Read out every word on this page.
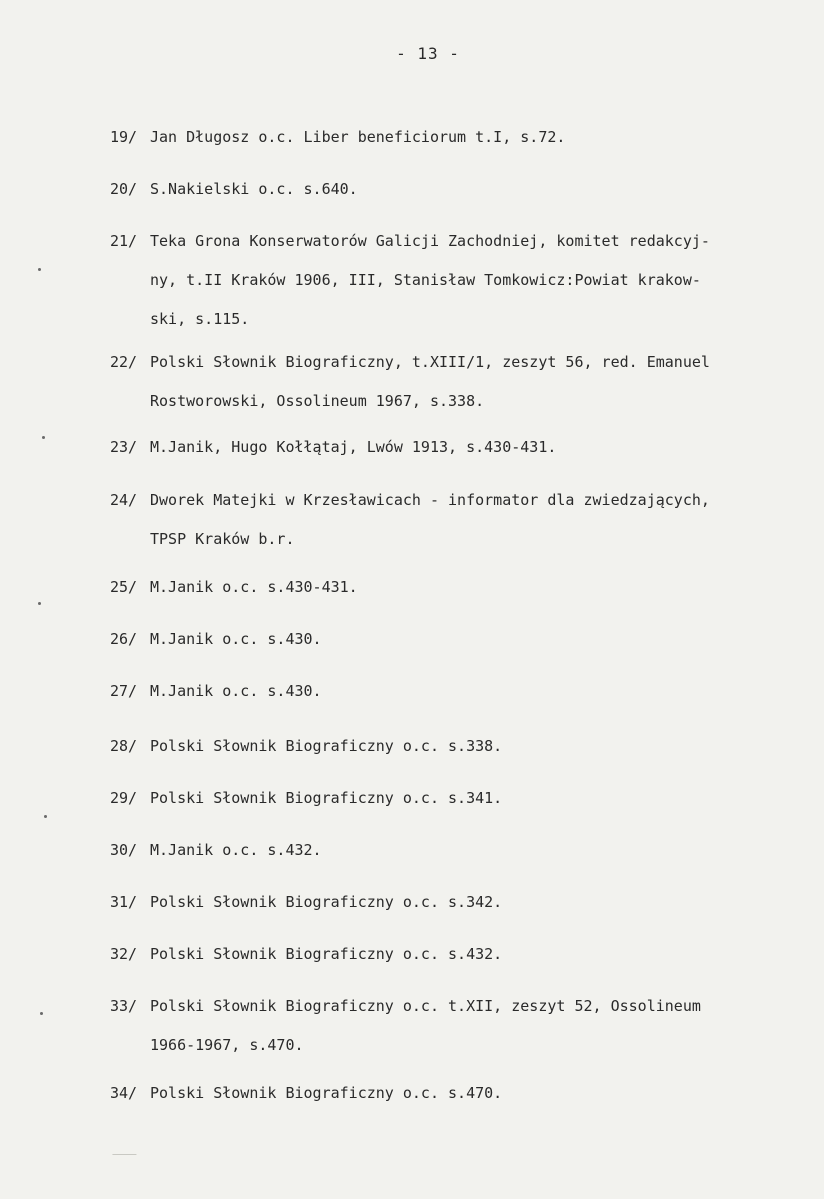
- 13 -
19/ Jan Długosz o.c. Liber beneficiorum t.I, s.72.
20/ S.Nakielski o.c. s.640.
21/ Teka Grona Konserwatorów Galicji Zachodniej, komitet redakcyj-
ny, t.II Kraków 1906, III, Stanisław Tomkowicz:Powiat krakow-
ski, s.115.
22/ Polski Słownik Biograficzny, t.XIII/1, zeszyt 56, red. Emanuel
Rostworowski, Ossolineum 1967, s.338.
23/ M.Janik, Hugo Kołłątaj, Lwów 1913, s.430-431.
24/ Dworek Matejki w Krzesławicach - informator dla zwiedzających,
TPSP Kraków b.r.
25/ M.Janik o.c. s.430-431.
26/ M.Janik o.c. s.430.
27/ M.Janik o.c. s.430.
28/ Polski Słownik Biograficzny o.c. s.338.
29/ Polski Słownik Biograficzny o.c. s.341.
30/ M.Janik o.c. s.432.
31/ Polski Słownik Biograficzny o.c. s.342.
32/ Polski Słownik Biograficzny o.c. s.432.
33/ Polski Słownik Biograficzny o.c. t.XII, zeszyt 52, Ossolineum
1966-1967, s.470.
34/ Polski Słownik Biograficzny o.c. s.470.
